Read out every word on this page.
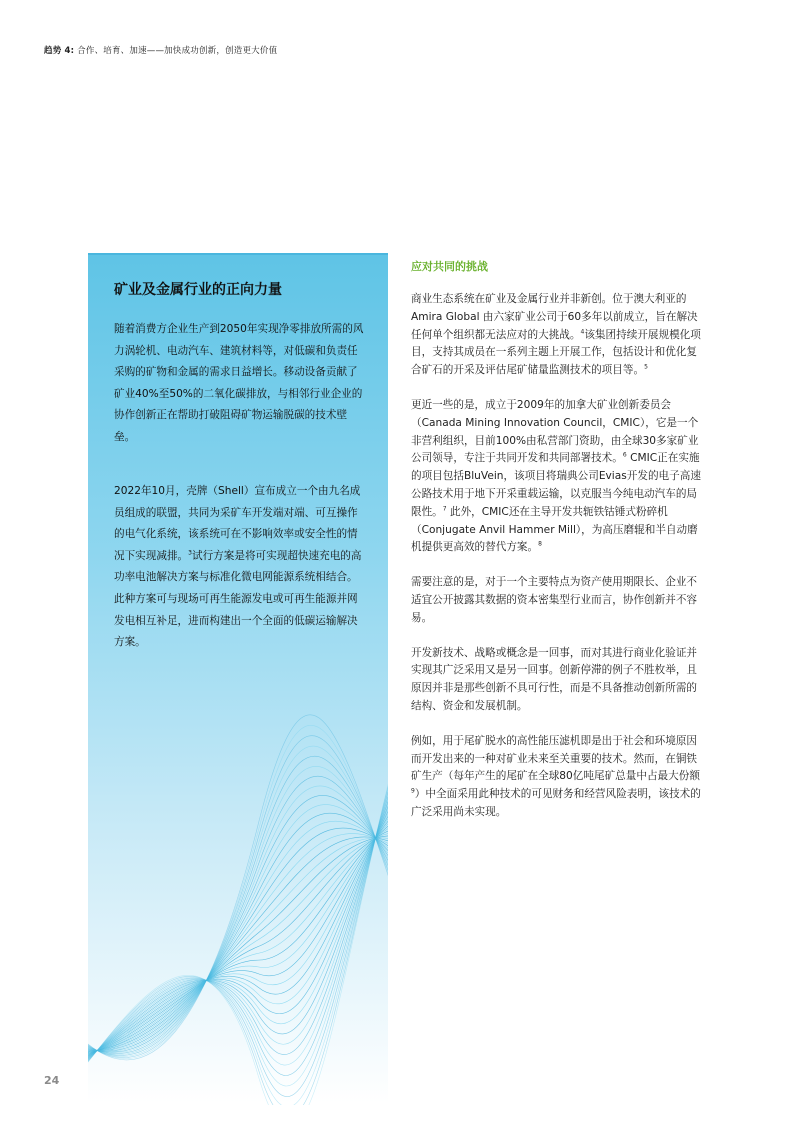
趋势 4: 合作、培育、加速——加快成功创新，创造更大价值
矿业及金属行业的正向力量

随着消费方企业生产到2050年实现净零排放所需的风力涡轮机、电动汽车、建筑材料等，对低碳和负责任采购的矿物和金属的需求日益增长。移动设备贡献了矿业40%至50%的二氧化碳排放，与相邻行业企业的协作创新正在帮助打破阻碍矿物运输脱碳的技术壁垒。

2022年10月，壳牌（Shell）宣布成立一个由九名成员组成的联盟，共同为采矿车开发端对端、可互操作的电气化系统，该系统可在不影响效率或安全性的情况下实现减排。$^3$试行方案是将可实现超快速充电的高功率电池解决方案与标准化微电网能源系统相结合。此种方案可与现场可再生能源发电或可再生能源并网发电相互补足，进而构建出一个全面的低碳运输解决方案。

应对共同的挑战

商业生态系统在矿业及金属行业并非新创。位于澳大利亚的Amira Global 由六家矿业公司于60多年以前成立，旨在解决任何单个组织都无法应对的大挑战。$^4$该集团持续开展规模化项目，支持其成员在一系列主题上开展工作，包括设计和优化复合矿石的开采及评估尾矿储量监测技术的项目等。$^5$

更近一些的是，成立于2009年的加拿大矿业创新委员会（Canada Mining Innovation Council，CMIC），它是一个非营利组织，目前100%由私营部门资助，由全球30多家矿业公司领导，专注于共同开发和共同部署技术。$^6$ CMIC正在实施的项目包括BluVein，该项目将瑞典公司Evias开发的电子高速公路技术用于地下开采重载运输，以克服当今纯电动汽车的局限性。$^7$ 此外，CMIC还在主导开发共轭铁钴锤式粉碎机（Conjugate Anvil Hammer Mill），为高压磨辊和半自动磨机提供更高效的替代方案。$^8$

需要注意的是，对于一个主要特点为资产使用期限长、企业不适宜公开披露其数据的资本密集型行业而言，协作创新并不容易。

开发新技术、战略或概念是一回事，而对其进行商业化验证并实现其广泛采用又是另一回事。创新停滞的例子不胜枚举，且原因并非是那些创新不具可行性，而是不具备推动创新所需的结构、资金和发展机制。

例如，用于尾矿脱水的高性能压滤机即是出于社会和环境原因而开发出来的一种对矿业未来至关重要的技术。然而，在铜铁矿生产（每年产生的尾矿在全球80亿吨尾矿总量中占最大份额$^9$）中全面采用此种技术的可见财务和经营风险表明，该技术的广泛采用尚未实现。

24
